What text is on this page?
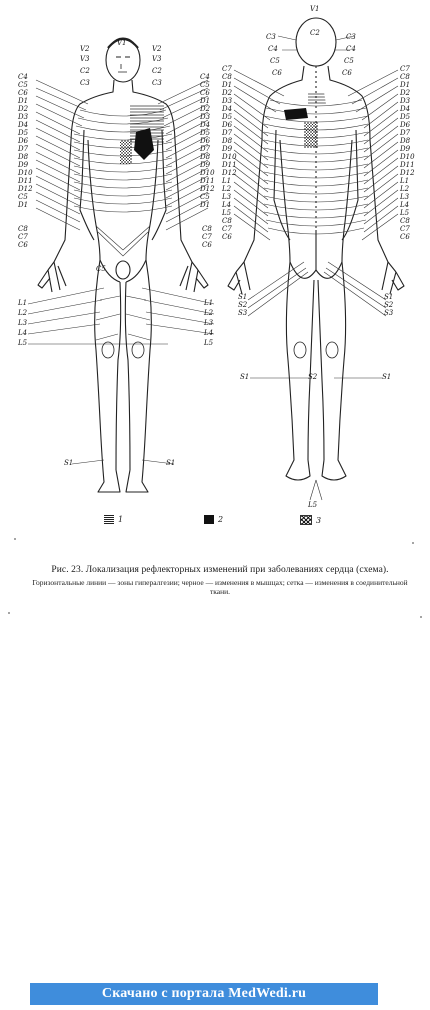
V1
V2
V3
C2
C3
V2
V3
C2
C3
C4
C5
C6
D1
D2
D3
D4
D5
D6
D7
D8
D9
D10
D11
D12
C5
D1
C4
C5
C6
D1
D2
D3
D4
D5
D6
D7
D8
D9
D10
D11
D12
C5
D1
C8
C7
C6
C8
C7
C6
C5
L1
L2
L3
L4
L5
L1
L2
L3
L4
L5
S1	S1
V1
C2
C3
C4
C5
C6
C3
C4
C5
C6
C7
C8
D1
D2
D3
D4
D5
D6
D7
D8
D9
D10
D11
D12
L1
L2
L3
L4
L5
C8
C7
C6
C7
C8
D1
D2
D3
D4
D5
D6
D7
D8
D9
D10
D11
D12
L1
L2
L3
L4
L5
C8
C7
C6
S1
S2
S3
S1
S2
S3
S1	S2	S1
L5
1	2	3

Рис. 23. Локализация рефлекторных изменений при заболеваниях сердца (схема).

Горизонтальные линии — зоны гипералгезии; черное — изменения в мышцах; сетка — изменения в соединительной ткани.

Скачано с портала MedWedi.ru
